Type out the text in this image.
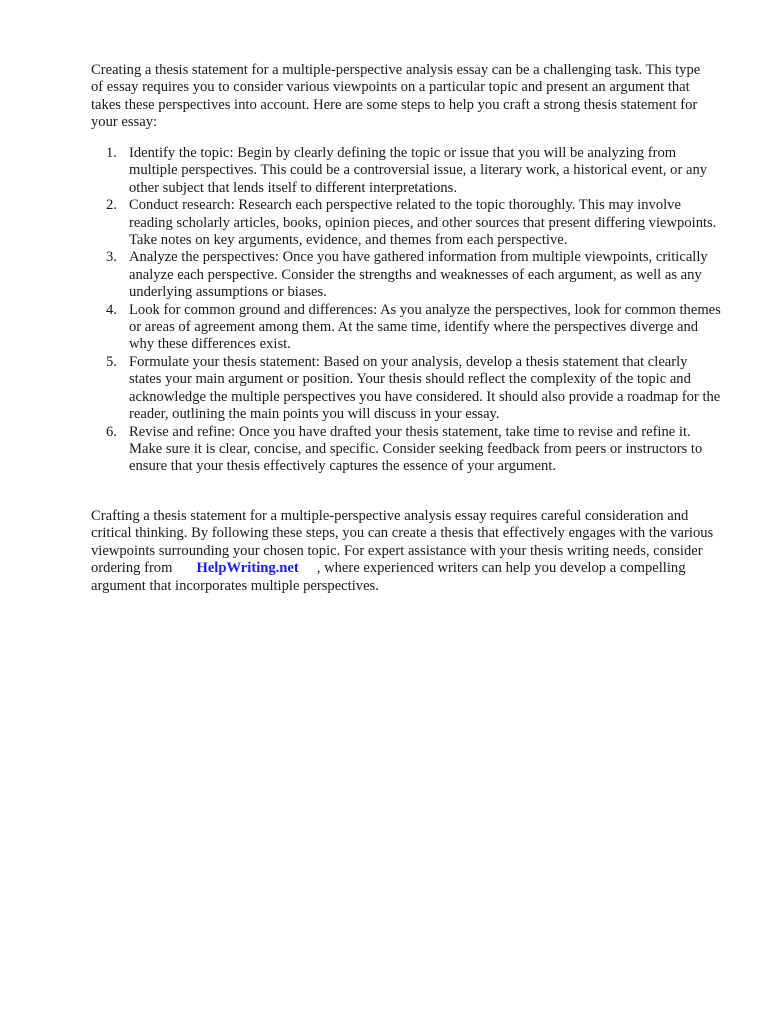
Creating a thesis statement for a multiple-perspective analysis essay can be a challenging task. This type of essay requires you to consider various viewpoints on a particular topic and present an argument that takes these perspectives into account. Here are some steps to help you craft a strong thesis statement for your essay:

1. Identify the topic: Begin by clearly defining the topic or issue that you will be analyzing from multiple perspectives. This could be a controversial issue, a literary work, a historical event, or any other subject that lends itself to different interpretations.
2. Conduct research: Research each perspective related to the topic thoroughly. This may involve reading scholarly articles, books, opinion pieces, and other sources that present differing viewpoints. Take notes on key arguments, evidence, and themes from each perspective.
3. Analyze the perspectives: Once you have gathered information from multiple viewpoints, critically analyze each perspective. Consider the strengths and weaknesses of each argument, as well as any underlying assumptions or biases.
4. Look for common ground and differences: As you analyze the perspectives, look for common themes or areas of agreement among them. At the same time, identify where the perspectives diverge and why these differences exist.
5. Formulate your thesis statement: Based on your analysis, develop a thesis statement that clearly states your main argument or position. Your thesis should reflect the complexity of the topic and acknowledge the multiple perspectives you have considered. It should also provide a roadmap for the reader, outlining the main points you will discuss in your essay.
6. Revise and refine: Once you have drafted your thesis statement, take time to revise and refine it. Make sure it is clear, concise, and specific. Consider seeking feedback from peers or instructors to ensure that your thesis effectively captures the essence of your argument.

Crafting a thesis statement for a multiple-perspective analysis essay requires careful consideration and critical thinking. By following these steps, you can create a thesis that effectively engages with the various viewpoints surrounding your chosen topic. For expert assistance with your thesis writing needs, consider ordering from HelpWriting.net , where experienced writers can help you develop a compelling argument that incorporates multiple perspectives.
